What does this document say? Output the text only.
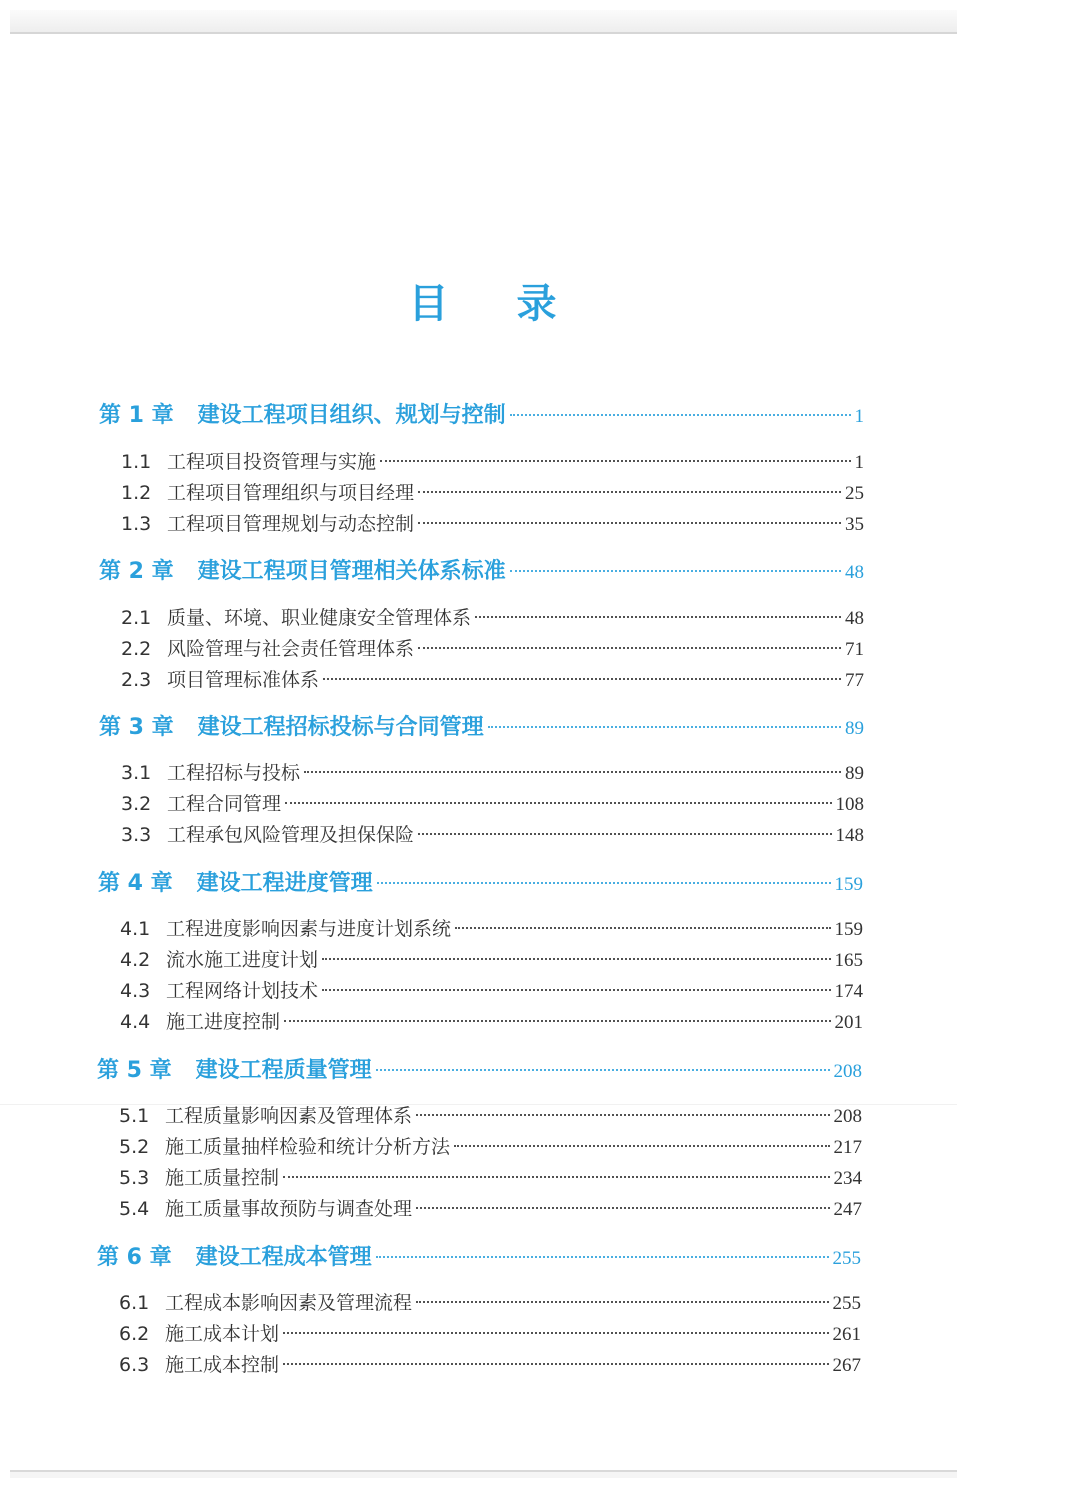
目 录
第 1 章 建设工程项目组织、规划与控制	1
1.1 工程项目投资管理与实施	1
1.2 工程项目管理组织与项目经理	25
1.3 工程项目管理规划与动态控制	35
第 2 章 建设工程项目管理相关体系标准	48
2.1 质量、环境、职业健康安全管理体系	48
2.2 风险管理与社会责任管理体系	71
2.3 项目管理标准体系	77
第 3 章 建设工程招标投标与合同管理	89
3.1 工程招标与投标	89
3.2 工程合同管理	108
3.3 工程承包风险管理及担保保险	148
第 4 章 建设工程进度管理	159
4.1 工程进度影响因素与进度计划系统	159
4.2 流水施工进度计划	165
4.3 工程网络计划技术	174
4.4 施工进度控制	201
第 5 章 建设工程质量管理	208
5.1 工程质量影响因素及管理体系	208
5.2 施工质量抽样检验和统计分析方法	217
5.3 施工质量控制	234
5.4 施工质量事故预防与调查处理	247
第 6 章 建设工程成本管理	255
6.1 工程成本影响因素及管理流程	255
6.2 施工成本计划	261
6.3 施工成本控制	267
